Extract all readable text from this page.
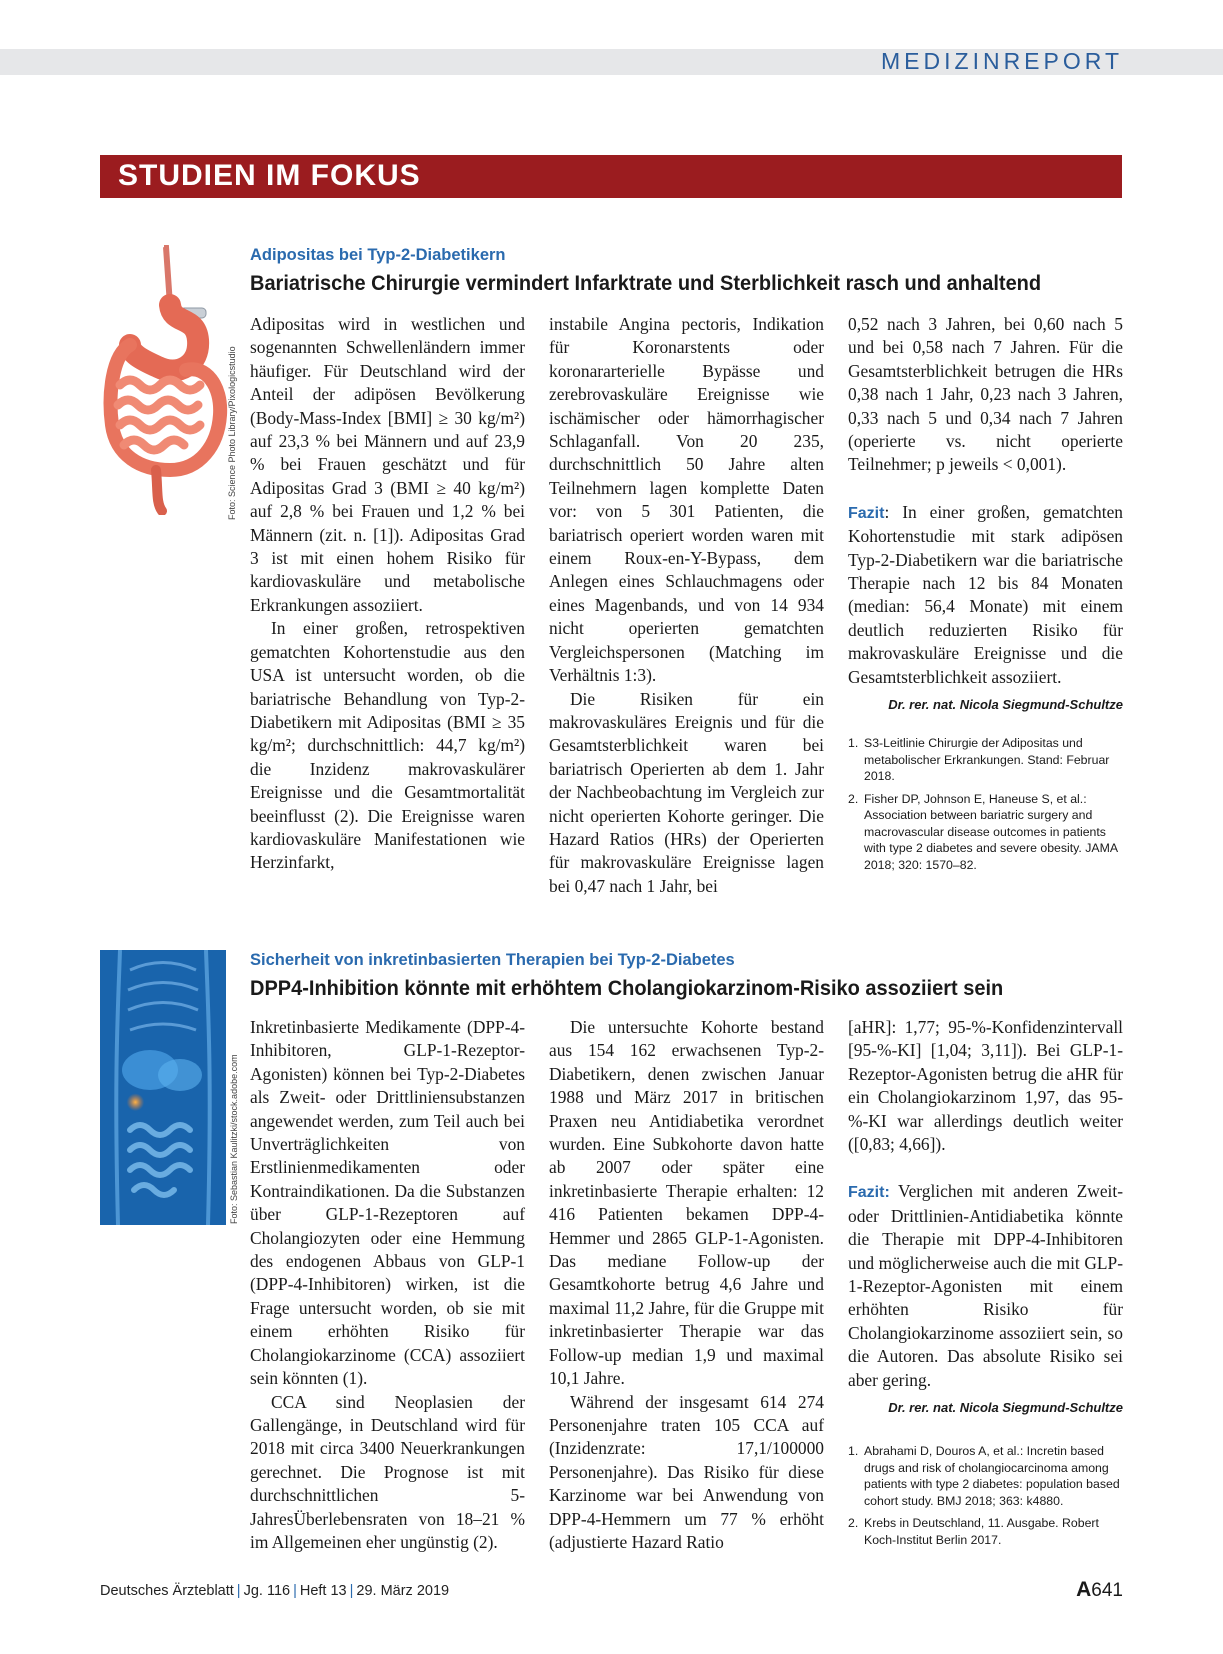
MEDIZINREPORT
STUDIEN IM FOKUS
Foto: Science Photo Library/Pixologicstudio
Adipositas bei Typ-2-Diabetikern
Bariatrische Chirurgie vermindert Infarktrate und Sterblichkeit rasch und anhaltend

Adipositas wird in westlichen und sogenannten Schwellenländern immer häufiger. Für Deutschland wird der Anteil der adipösen Bevölkerung (Body-Mass-Index [BMI] ≥ 30 kg/m²) auf 23,3 % bei Männern und auf 23,9 % bei Frauen geschätzt und für Adipositas Grad 3 (BMI ≥ 40 kg/m²) auf 2,8 % bei Frauen und 1,2 % bei Männern (zit. n. [1]). Adipositas Grad 3 ist mit einen hohem Risiko für kardiovaskuläre und metabolische Erkrankungen assoziiert.

In einer großen, retrospektiven gematchten Kohortenstudie aus den USA ist untersucht worden, ob die bariatrische Behandlung von Typ-2-Diabetikern mit Adipositas (BMI ≥ 35 kg/m²; durchschnittlich: 44,7 kg/m²) die Inzidenz makrovaskulärer Ereignisse und die Gesamtmortalität beeinflusst (2). Die Ereignisse waren kardiovaskuläre Manifestationen wie Herzinfarkt,

instabile Angina pectoris, Indikation für Koronarstents oder koronararterielle Bypässe und zerebrovaskuläre Ereignisse wie ischämischer oder hämorrhagischer Schlaganfall. Von 20 235, durchschnittlich 50 Jahre alten Teilnehmern lagen komplette Daten vor: von 5 301 Patienten, die bariatrisch operiert worden waren mit einem Roux-en-Y-Bypass, dem Anlegen eines Schlauchmagens oder eines Magenbands, und von 14 934 nicht operierten gematchten Vergleichspersonen (Matching im Verhältnis 1:3).

Die Risiken für ein makrovaskuläres Ereignis und für die Gesamtsterblichkeit waren bei bariatrisch Operierten ab dem 1. Jahr der Nachbeobachtung im Vergleich zur nicht operierten Kohorte geringer. Die Hazard Ratios (HRs) der Operierten für makrovaskuläre Ereignisse lagen bei 0,47 nach 1 Jahr, bei

0,52 nach 3 Jahren, bei 0,60 nach 5 und bei 0,58 nach 7 Jahren. Für die Gesamtsterblichkeit betrugen die HRs 0,38 nach 1 Jahr, 0,23 nach 3 Jahren, 0,33 nach 5 und 0,34 nach 7 Jahren (operierte vs. nicht operierte Teilnehmer; p jeweils < 0,001).

Fazit: In einer großen, gematchten Kohortenstudie mit stark adipösen Typ-2-Diabetikern war die bariatrische Therapie nach 12 bis 84 Monaten (median: 56,4 Monate) mit einem deutlich reduzierten Risiko für makrovaskuläre Ereignisse und die Gesamtsterblichkeit assoziiert.

Dr. rer. nat. Nicola Siegmund-Schultze
1. S3-Leitlinie Chirurgie der Adipositas und metabolischer Erkrankungen. Stand: Februar 2018.
2. Fisher DP, Johnson E, Haneuse S, et al.: Association between bariatric surgery and macrovascular disease outcomes in patients with type 2 diabetes and severe obesity. JAMA 2018; 320: 1570–82.
Foto: Sebastian Kaulitzki/stock.adobe.com
Sicherheit von inkretinbasierten Therapien bei Typ-2-Diabetes
DPP4-Inhibition könnte mit erhöhtem Cholangiokarzinom-Risiko assoziiert sein

Inkretinbasierte Medikamente (DPP-4-Inhibitoren, GLP-1-Rezeptor-Agonisten) können bei Typ-2-Diabetes als Zweit- oder Drittliniensubstanzen angewendet werden, zum Teil auch bei Unverträglichkeiten von Erstlinienmedikamenten oder Kontraindikationen. Da die Substanzen über GLP-1-Rezeptoren auf Cholangiozyten oder eine Hemmung des endogenen Abbaus von GLP-1 (DPP-4-Inhibitoren) wirken, ist die Frage untersucht worden, ob sie mit einem erhöhten Risiko für Cholangiokarzinome (CCA) assoziiert sein könnten (1).

CCA sind Neoplasien der Gallengänge, in Deutschland wird für 2018 mit circa 3400 Neuerkrankungen gerechnet. Die Prognose ist mit durchschnittlichen 5-JahresÜberlebensraten von 18–21 % im Allgemeinen eher ungünstig (2).

Die untersuchte Kohorte bestand aus 154 162 erwachsenen Typ-2-Diabetikern, denen zwischen Januar 1988 und März 2017 in britischen Praxen neu Antidiabetika verordnet wurden. Eine Subkohorte davon hatte ab 2007 oder später eine inkretinbasierte Therapie erhalten: 12 416 Patienten bekamen DPP-4-Hemmer und 2865 GLP-1-Agonisten. Das mediane Follow-up der Gesamtkohorte betrug 4,6 Jahre und maximal 11,2 Jahre, für die Gruppe mit inkretinbasierter Therapie war das Follow-up median 1,9 und maximal 10,1 Jahre.

Während der insgesamt 614 274 Personenjahre traten 105 CCA auf (Inzidenzrate: 17,1/100000 Personenjahre). Das Risiko für diese Karzinome war bei Anwendung von DPP-4-Hemmern um 77 % erhöht (adjustierte Hazard Ratio

[aHR]: 1,77; 95-%-Konfidenzintervall [95-%-KI] [1,04; 3,11]). Bei GLP-1-Rezeptor-Agonisten betrug die aHR für ein Cholangiokarzinom 1,97, das 95-%-KI war allerdings deutlich weiter ([0,83; 4,66]).

Fazit: Verglichen mit anderen Zweit- oder Drittlinien-Antidiabetika könnte die Therapie mit DPP-4-Inhibitoren und möglicherweise auch die mit GLP-1-Rezeptor-Agonisten mit einem erhöhten Risiko für Cholangiokarzinome assoziiert sein, so die Autoren. Das absolute Risiko sei aber gering.

Dr. rer. nat. Nicola Siegmund-Schultze
1. Abrahami D, Douros A, et al.: Incretin based drugs and risk of cholangiocarcinoma among patients with type 2 diabetes: population based cohort study. BMJ 2018; 363: k4880.
2. Krebs in Deutschland, 11. Ausgabe. Robert Koch-Institut Berlin 2017.
Deutsches Ärzteblatt | Jg. 116 | Heft 13 | 29. März 2019	A641
